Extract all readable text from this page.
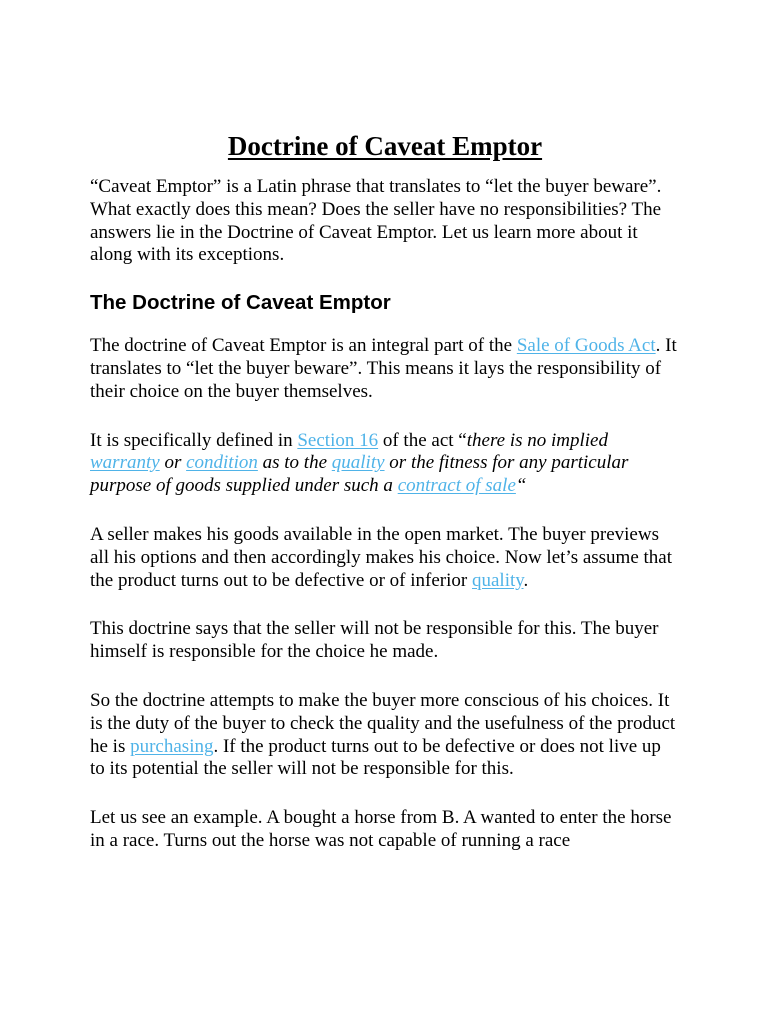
Doctrine of Caveat Emptor

“Caveat Emptor” is a Latin phrase that translates to “let the buyer beware”. What exactly does this mean? Does the seller have no responsibilities? The answers lie in the Doctrine of Caveat Emptor. Let us learn more about it along with its exceptions.

The Doctrine of Caveat Emptor

The doctrine of Caveat Emptor is an integral part of the Sale of Goods Act. It translates to “let the buyer beware”. This means it lays the responsibility of their choice on the buyer themselves.

It is specifically defined in Section 16 of the act “there is no implied warranty or condition as to the quality or the fitness for any particular purpose of goods supplied under such a contract of sale“

A seller makes his goods available in the open market. The buyer previews all his options and then accordingly makes his choice. Now let’s assume that the product turns out to be defective or of inferior quality.

This doctrine says that the seller will not be responsible for this. The buyer himself is responsible for the choice he made.

So the doctrine attempts to make the buyer more conscious of his choices. It is the duty of the buyer to check the quality and the usefulness of the product he is purchasing. If the product turns out to be defective or does not live up to its potential the seller will not be responsible for this.

Let us see an example. A bought a horse from B. A wanted to enter the horse in a race. Turns out the horse was not capable of running a race
